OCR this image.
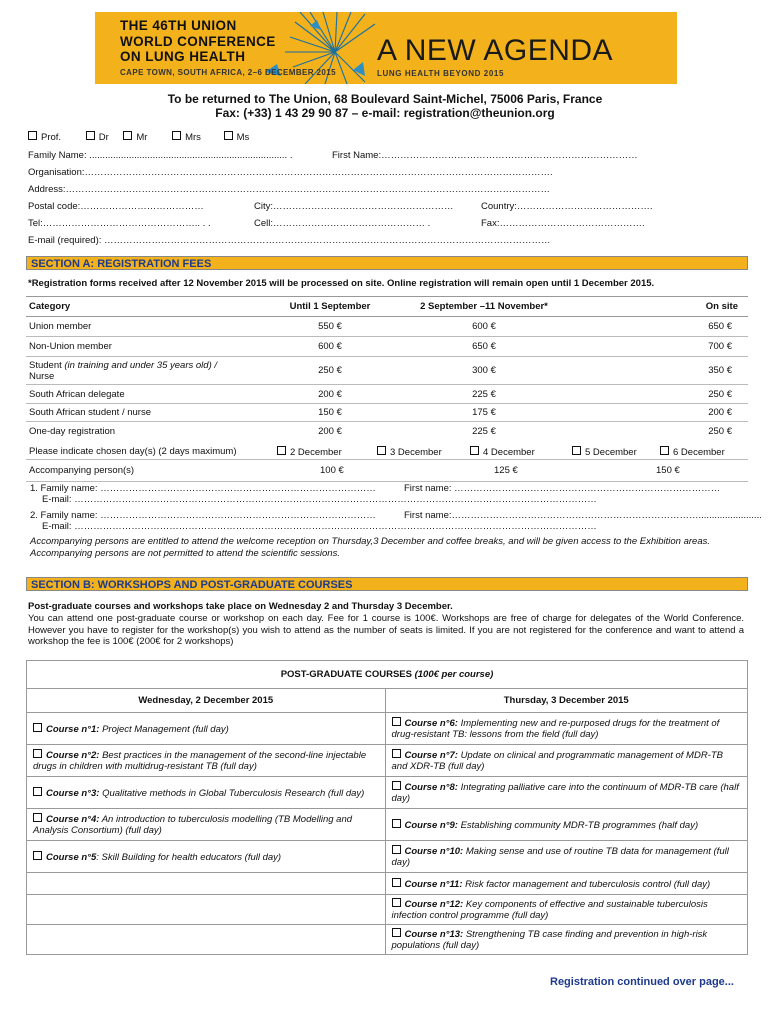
THE 46TH UNION
WORLD CONFERENCE
ON LUNG HEALTH
CAPE TOWN, SOUTH AFRICA, 2–6 DECEMBER 2015
A NEW AGENDA
LUNG HEALTH BEYOND 2015
To be returned to The Union, 68 Boulevard Saint-Michel, 75006 Paris, France
Fax: (+33) 1 43 29 90 87 – e-mail: registration@theunion.org
Prof.	Dr	Mr	Mrs	Ms
Family Name: ........................................................................... .	First Name:………………………………………………………………………
Organisation:………………………………………………………………………………………………………………………………….
Address:………………………………………………………………………………………………………………………………………
Postal code:…………………………………	City:…………………………………………………	Country:…………………………………….
Tel:………………………………………….. . .	Cell:………………………………………… .	Fax:……………………………………….
E-mail (required): ……………………………………………………………………………………………………………………………
SECTION A: REGISTRATION FEES
*Registration forms received after 12 November 2015 will be processed on site. Online registration will remain open until 1 December 2015.
Category	Until 1 September	2 September –11 November*	On site
Union member	550 €	600 €	650 €
Non-Union member	600 €	650 €	700 €
Student (in training and under 35 years old) /
Nurse	250 €	300 €	350 €
South African delegate	200 €	225 €	250 €
South African student / nurse	150 €	175 €	200 €
One-day registration	200 €	225 €	250 €
Please indicate chosen day(s) (2 days maximum)	2 December	3 December	4 December	5 December	6 December
Accompanying person(s)	100 €	125 €	150 €
1. Family name: ……………………………………………………………………………	First name: …………………………………………………………………………
E-mail: …………………………………………………………………………………………………………………………………………………
2. Family name: ……………………………………………………………………………	First name:……………………………………………………………………........................
E-mail: …………………………………………………………………………………………………………………………………………………
Accompanying persons are entitled to attend the welcome reception on Thursday,3 December and coffee breaks, and will be given access to the Exhibition areas. Accompanying persons are not permitted to attend the scientific sessions.
SECTION B: WORKSHOPS AND POST-GRADUATE COURSES
Post-graduate courses and workshops take place on Wednesday 2 and Thursday 3 December.
You can attend one post-graduate course or workshop on each day. Fee for 1 course is 100€. Workshops are free of charge for delegates of the World Conference. However you have to register for the workshop(s) you wish to attend as the number of seats is limited. If you are not registered for the conference and want to attend a workshop the fee is 100€ (200€ for 2 workshops)
POST-GRADUATE COURSES (100€ per course)	
Wednesday, 2 December 2015	Thursday, 3 December 2015
Course n°1: Project Management (full day)	Course n°6: Implementing new and re-purposed drugs for the treatment of drug-resistant TB: lessons from the field (full day)
Course n°2: Best practices in the management of the second-line injectable drugs in children with multidrug-resistant TB (full day)	Course n°7: Update on clinical and programmatic management of MDR-TB and XDR-TB (full day)
Course n°3: Qualitative methods in Global Tuberculosis Research (full day)	Course n°8: Integrating palliative care into the continuum of MDR-TB care (half day)
Course n°4: An introduction to tuberculosis modelling (TB Modelling and Analysis Consortium) (full day)	Course n°9: Establishing community MDR-TB programmes (half day)
Course n°5: Skill Building for health educators (full day)	Course n°10: Making sense and use of routine TB data for management (full day)
	Course n°11: Risk factor management and tuberculosis control (full day)
	Course n°12: Key components of effective and sustainable tuberculosis infection control programme (full day)
	Course n°13: Strengthening TB case finding and prevention in high-risk populations (full day)
Registration continued over page...
